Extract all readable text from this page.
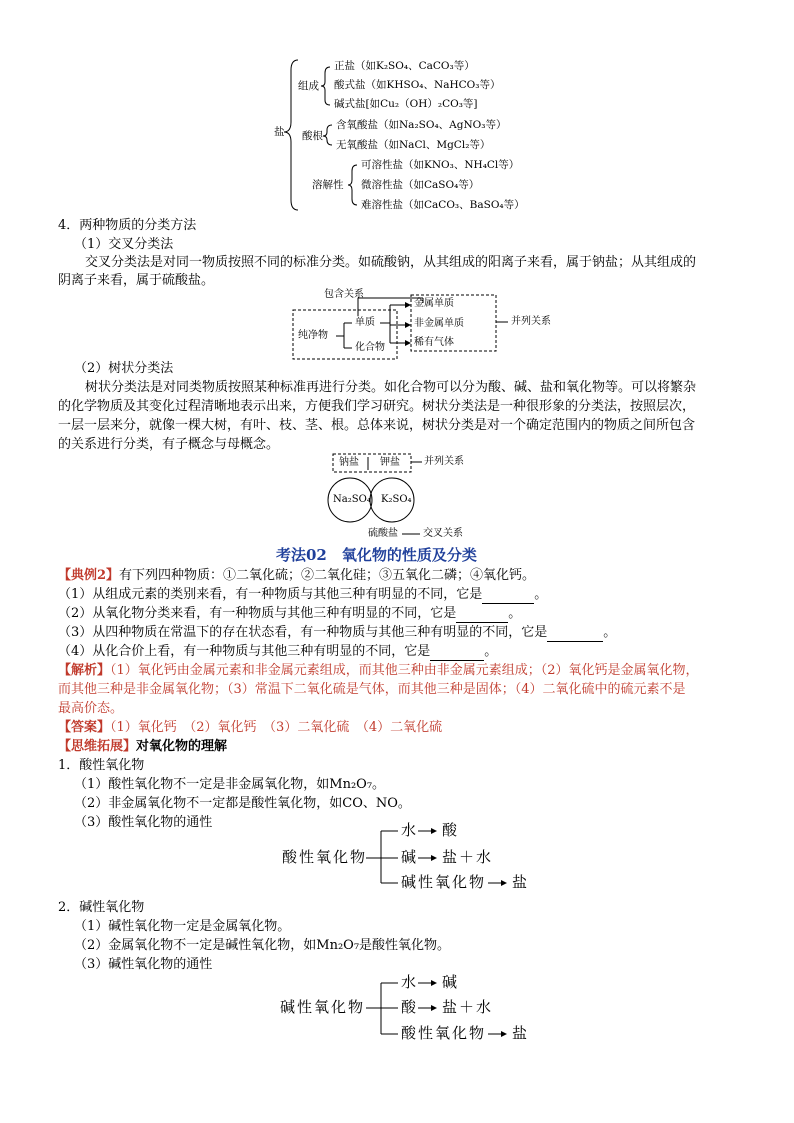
盐
组成
正盐（如K₂SO₄、CaCO₃等）
酸式盐（如KHSO₄、NaHCO₃等）
碱式盐[如Cu₂（OH）₂CO₃等]
酸根
含氧酸盐（如Na₂SO₄、AgNO₃等）
无氧酸盐（如NaCl、MgCl₂等）
溶解性
可溶性盐（如KNO₃、NH₄Cl等）
微溶性盐（如CaSO₄等）
难溶性盐（如CaCO₃、BaSO₄等）
4．两种物质的分类方法
（1）交叉分类法
交叉分类法是对同一物质按照不同的标准分类。如硫酸钠，从其组成的阳离子来看，属于钠盐；从其组成的
阴离子来看，属于硫酸盐。
包含关系
纯净物
单质
化合物
金属单质
非金属单质
稀有气体
并列关系
（2）树状分类法
树状分类法是对同类物质按照某种标准再进行分类。如化合物可以分为酸、碱、盐和氧化物等。可以将繁杂
的化学物质及其变化过程清晰地表示出来，方便我们学习研究。树状分类法是一种很形象的分类法，按照层次，
一层一层来分，就像一棵大树，有叶、枝、茎、根。总体来说，树状分类是对一个确定范围内的物质之间所包含
的关系进行分类，有子概念与母概念。
钠盐 钾盐 并列关系
Na₂SO₄ K₂SO₄
硫酸盐	交叉关系
考法02　氧化物的性质及分类
【典例2】有下列四种物质：①二氧化硫；②二氧化硅；③五氧化二磷；④氧化钙。
（1）从组成元素的类别来看，有一种物质与其他三种有明显的不同，它是	。
（2）从氧化物分类来看，有一种物质与其他三种有明显的不同，它是	。
（3）从四种物质在常温下的存在状态看，有一种物质与其他三种有明显的不同，它是	。
（4）从化合价上看，有一种物质与其他三种有明显的不同，它是	。
【解析】（1）氧化钙由金属元素和非金属元素组成，而其他三种由非金属元素组成；（2）氧化钙是金属氧化物，
而其他三种是非金属氧化物；（3）常温下二氧化硫是气体，而其他三种是固体；（4）二氧化硫中的硫元素不是
最高价态。
【答案】（1）氧化钙　（2）氧化钙　（3）二氧化硫　（4）二氧化硫
【思维拓展】对氧化物的理解
1．酸性氧化物
（1）酸性氧化物不一定是非金属氧化物，如Mn₂O₇。
（2）非金属氧化物不一定都是酸性氧化物，如CO、NO。
（3）酸性氧化物的通性
酸性氧化物
水 酸
碱 盐＋水
碱性氧化物 盐
2．碱性氧化物
（1）碱性氧化物一定是金属氧化物。
（2）金属氧化物不一定是碱性氧化物，如Mn₂O₇是酸性氧化物。
（3）碱性氧化物的通性
碱性氧化物
水 碱
酸 盐＋水
酸性氧化物 盐
